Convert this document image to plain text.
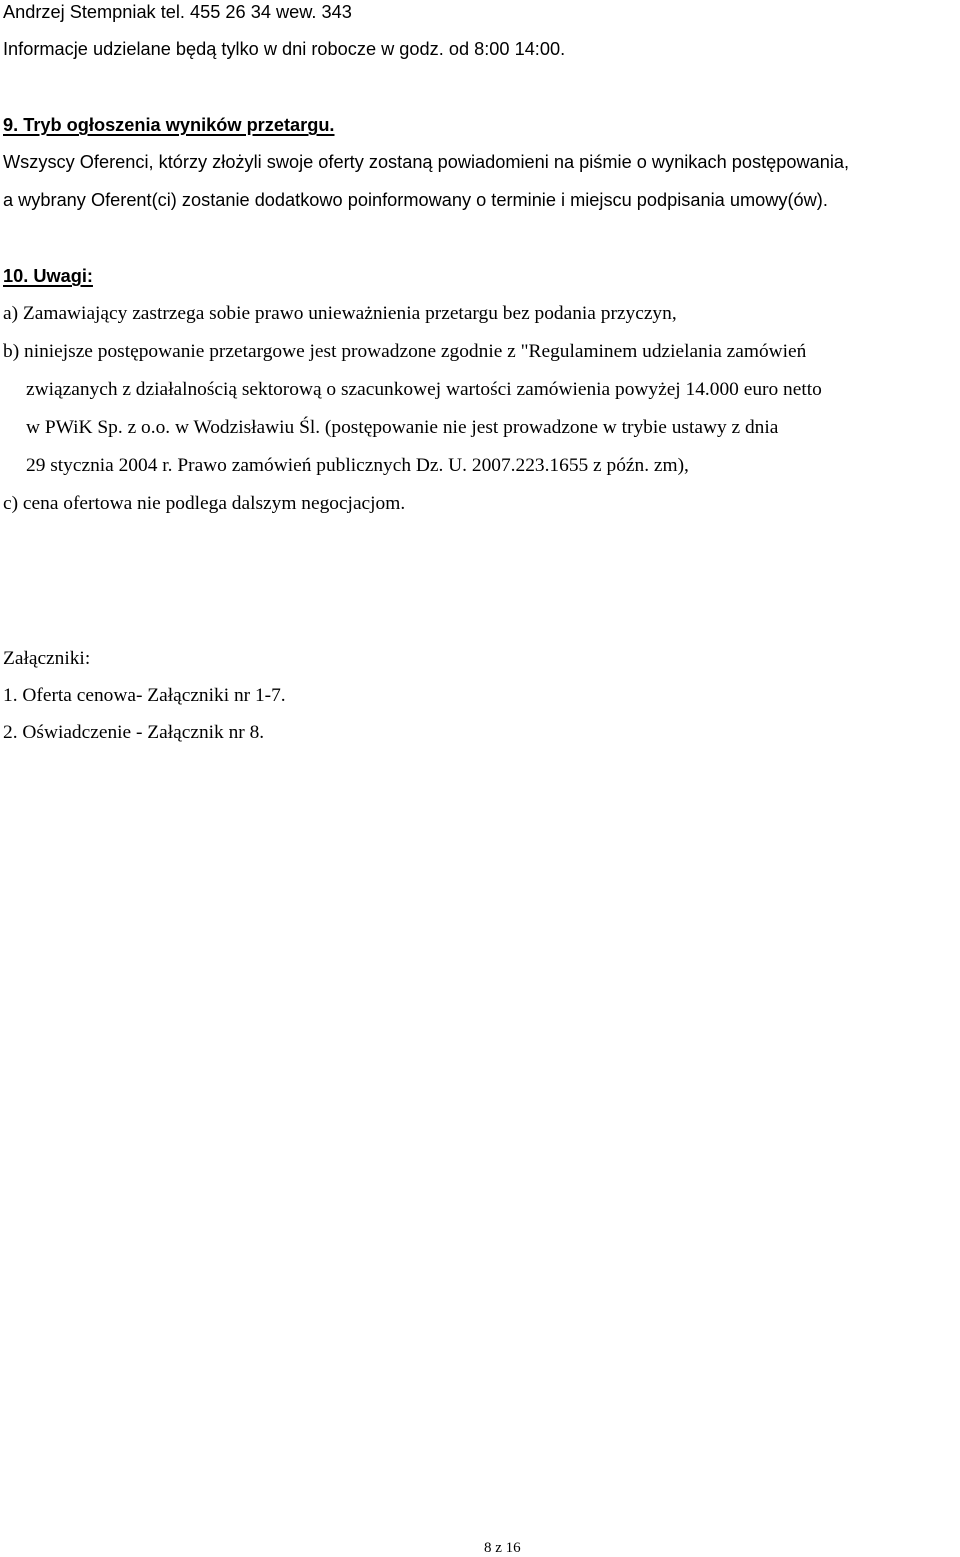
Andrzej Stempniak tel. 455 26 34 wew. 343
Informacje udzielane będą tylko w dni robocze w godz. od 8:00 14:00.
9. Tryb ogłoszenia wyników przetargu.
Wszyscy Oferenci, którzy złożyli swoje oferty zostaną powiadomieni na piśmie o wynikach postępowania,
a wybrany Oferent(ci) zostanie dodatkowo poinformowany o terminie i miejscu podpisania umowy(ów).
10. Uwagi:
a) Zamawiający zastrzega sobie prawo unieważnienia przetargu bez podania przyczyn,
b) niniejsze postępowanie przetargowe jest prowadzone zgodnie z "Regulaminem udzielania zamówień
związanych z działalnością sektorową o szacunkowej wartości zamówienia powyżej 14.000 euro netto
w PWiK Sp. z o.o. w Wodzisławiu Śl. (postępowanie nie jest prowadzone w trybie ustawy z dnia
29 stycznia 2004 r. Prawo zamówień publicznych Dz. U. 2007.223.1655 z późn. zm),
c) cena ofertowa nie podlega dalszym negocjacjom.
Załączniki:
1. Oferta cenowa- Załączniki nr 1-7.
2. Oświadczenie - Załącznik nr 8.
8 z 16
